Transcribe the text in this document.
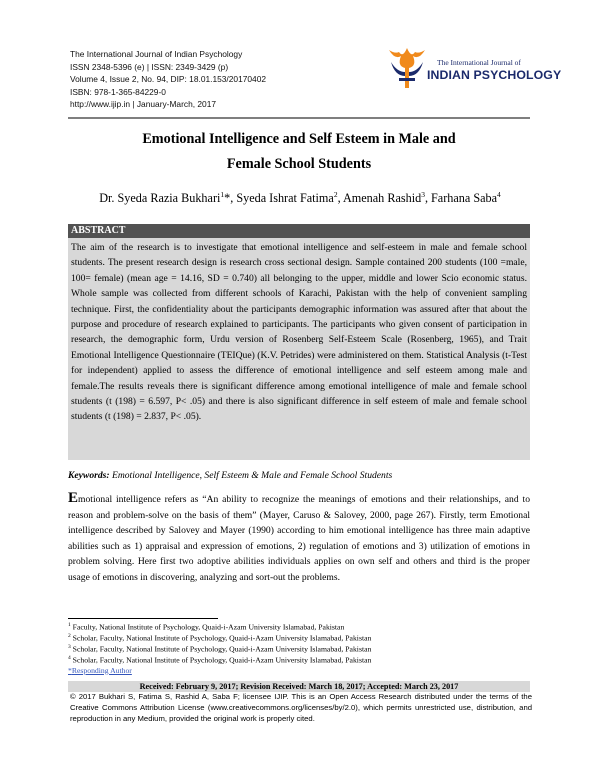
The International Journal of Indian Psychology
ISSN 2348-5396 (e) | ISSN: 2349-3429 (p)
Volume 4, Issue 2, No. 94, DIP: 18.01.153/20170402
ISBN: 978-1-365-84229-0
http://www.ijip.in | January-March, 2017
The International Journal of
INDIAN PSYCHOLOGY
Emotional Intelligence and Self Esteem in Male and
Female School Students
Dr. Syeda Razia Bukhari$^1$*, Syeda Ishrat Fatima$^2$, Amenah Rashid$^3$, Farhana Saba$^4$
ABSTRACT
The aim of the research is to investigate that emotional intelligence and self-esteem in male and female school students. The present research design is research cross sectional design. Sample contained 200 students (100 =male, 100= female) (mean age = 14.16, SD = 0.740) all belonging to the upper, middle and lower Scio economic status. Whole sample was collected from different schools of Karachi, Pakistan with the help of convenient sampling technique. First, the confidentiality about the participants demographic information was assured after that about the purpose and procedure of research explained to participants. The participants who given consent of participation in research, the demographic form, Urdu version of Rosenberg Self-Esteem Scale (Rosenberg, 1965), and Trait Emotional Intelligence Questionnaire (TEIQue) (K.V. Petrides) were administered on them. Statistical Analysis (t-Test for independent) applied to assess the difference of emotional intelligence and self esteem among male and female.The results reveals there is significant difference among emotional intelligence of male and female school students (t (198) = 6.597, P< .05) and there is also significant difference in self esteem of male and female school students (t (198) = 2.837, P< .05).
Keywords: Emotional Intelligence, Self Esteem & Male and Female School Students
Emotional intelligence refers as “An ability to recognize the meanings of emotions and their relationships, and to reason and problem-solve on the basis of them” (Mayer, Caruso & Salovey, 2000, page 267). Firstly, term Emotional intelligence described by Salovey and Mayer (1990) according to him emotional intelligence has three main adaptive abilities such as 1) appraisal and expression of emotions, 2) regulation of emotions and 3) utilization of emotions in problem solving. Here first two adoptive abilities individuals applies on own self and others and third is the proper usage of emotions in discovering, analyzing and sort-out the problems.
$^1$ Faculty, National Institute of Psychology, Quaid-i-Azam University Islamabad, Pakistan
$^2$ Scholar, Faculty, National Institute of Psychology, Quaid-i-Azam University Islamabad, Pakistan
$^3$ Scholar, Faculty, National Institute of Psychology, Quaid-i-Azam University Islamabad, Pakistan
$^4$ Scholar, Faculty, National Institute of Psychology, Quaid-i-Azam University Islamabad, Pakistan
*Responding Author
Received: February 9, 2017; Revision Received: March 18, 2017; Accepted: March 23, 2017
© 2017 Bukhari S, Fatima S, Rashid A, Saba F; licensee IJIP. This is an Open Access Research distributed under the terms of the Creative Commons Attribution License (www.creativecommons.org/licenses/by/2.0), which permits unrestricted use, distribution, and reproduction in any Medium, provided the original work is properly cited.
